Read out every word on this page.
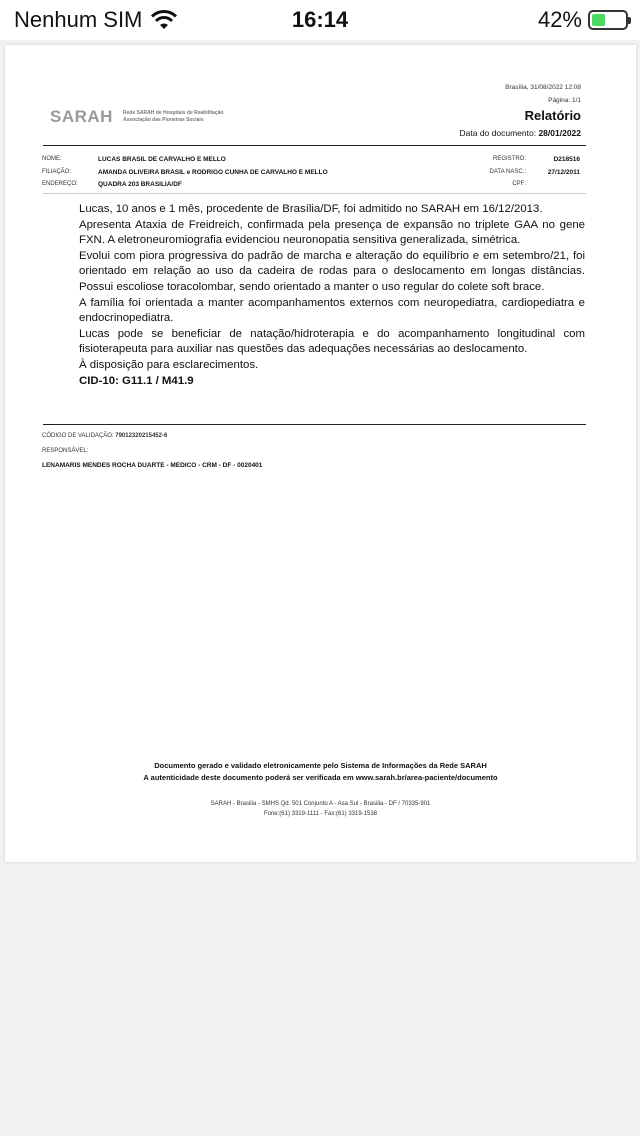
Nenhum SIM	16:14	42%
Brasília, 31/08/2022 12:08
Página: 1/1
SARAH Rede SARAH de Hospitais de Reabilitação
Associação das Pioneiras Sociais	Relatório
Data do documento: 28/01/2022
NOME:	LUCAS BRASIL DE CARVALHO E MELLO
FILIAÇÃO:	AMANDA OLIVEIRA BRASIL e RODRIGO CUNHA DE CARVALHO E MELLO
ENDEREÇO:	QUADRA 203 BRASILIA/DF
REGISTRO:	D218516
DATA NASC.:	27/12/2011
CPF:

Lucas, 10 anos e 1 mês, procedente de Brasília/DF, foi admitido no SARAH em 16/12/2013.

Apresenta Ataxia de Freidreich, confirmada pela presença de expansão no triplete GAA no gene FXN. A eletroneuromiografia evidenciou neuronopatia sensitiva generalizada, simétrica.

Evolui com piora progressiva do padrão de marcha e alteração do equilíbrio e em setembro/21, foi orientado em relação ao uso da cadeira de rodas para o deslocamento em longas distâncias. Possui escoliose toracolombar, sendo orientado a manter o uso regular do colete soft brace.

A família foi orientada a manter acompanhamentos externos com neuropediatra, cardiopediatra e endocrinopediatra.

Lucas pode se beneficiar de natação/hidroterapia e do acompanhamento longitudinal com fisioterapeuta para auxiliar nas questões das adequações necessárias ao deslocamento.

À disposição para esclarecimentos.

CID-10: G11.1 / M41.9

CÓDIGO DE VALIDAÇÃO: 79012320215452-6
RESPONSÁVEL:
LENAMARIS MENDES ROCHA DUARTE - MEDICO - CRM - DF - 0020401
Documento gerado e validado eletronicamente pelo Sistema de Informações da Rede SARAH
A autenticidade deste documento poderá ser verificada em www.sarah.br/area-paciente/documento
SARAH - Brasilia - SMHS Qd. 501 Conjunto A - Asa Sul - Brasilia - DF / 70335-901
Fone:(61) 3319-1111 - Fax:(61) 3319-1538
